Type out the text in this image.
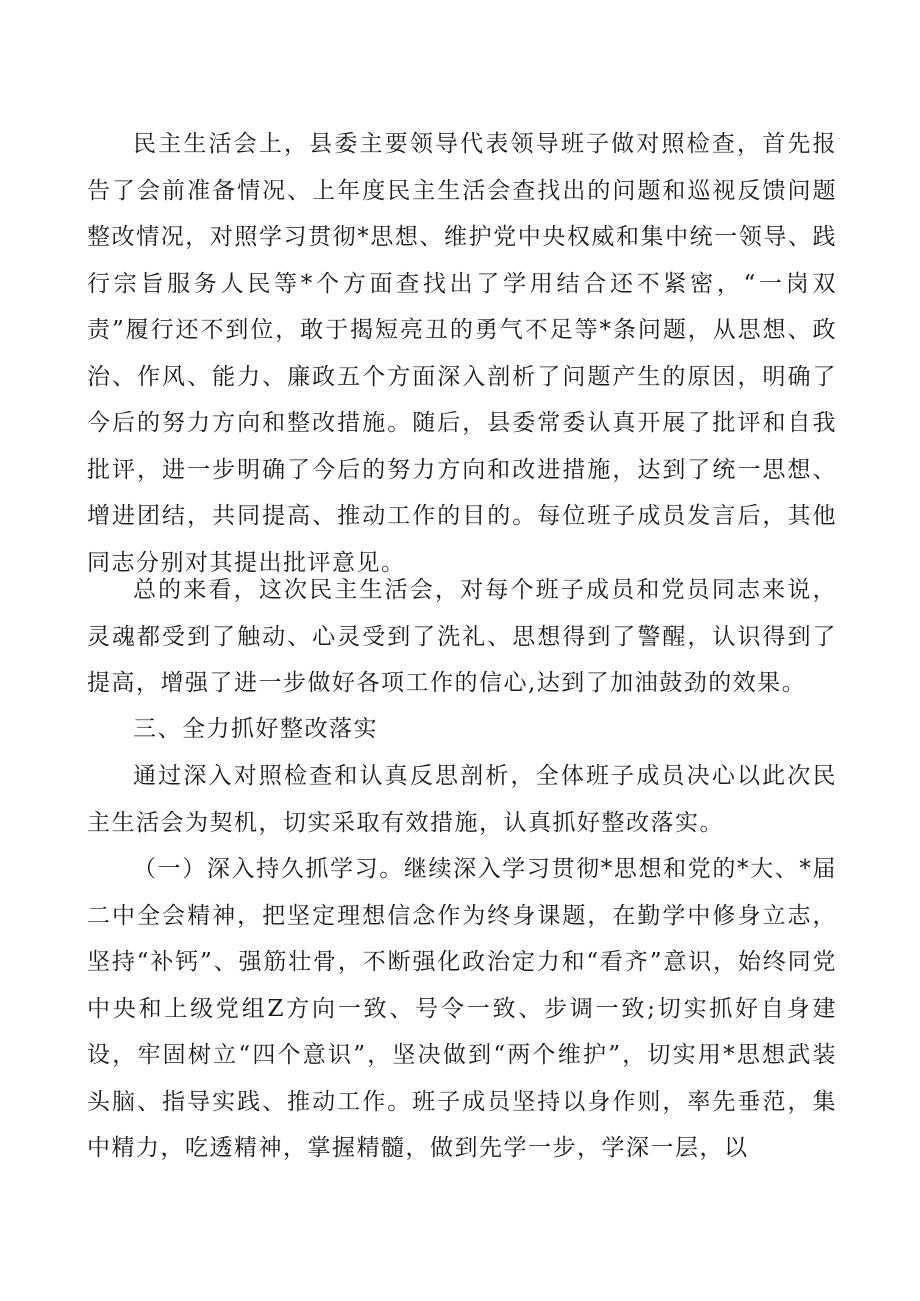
民主生活会上，县委主要领导代表领导班子做对照检查，首先报告了会前准备情况、上年度民主生活会查找出的问题和巡视反馈问题整改情况，对照学习贯彻*思想、维护党中央权威和集中统一领导、践行宗旨服务人民等*个方面查找出了学用结合还不紧密，“一岗双责”履行还不到位，敢于揭短亮丑的勇气不足等*条问题，从思想、政治、作风、能力、廉政五个方面深入剖析了问题产生的原因，明确了今后的努力方向和整改措施。随后，县委常委认真开展了批评和自我批评，进一步明确了今后的努力方向和改进措施，达到了统一思想、增进团结，共同提高、推动工作的目的。每位班子成员发言后，其他同志分别对其提出批评意见。

总的来看，这次民主生活会，对每个班子成员和党员同志来说，灵魂都受到了触动、心灵受到了洗礼、思想得到了警醒，认识得到了提高，增强了进一步做好各项工作的信心,达到了加油鼓劲的效果。

三、全力抓好整改落实

通过深入对照检查和认真反思剖析，全体班子成员决心以此次民主生活会为契机，切实采取有效措施，认真抓好整改落实。

（一）深入持久抓学习。继续深入学习贯彻*思想和党的*大、*届二中全会精神，把坚定理想信念作为终身课题，在勤学中修身立志，坚持“补钙”、强筋壮骨，不断强化政治定力和“看齐”意识，始终同党中央和上级党组Z方向一致、号令一致、步调一致;切实抓好自身建设，牢固树立“四个意识”，坚决做到“两个维护”，切实用*思想武装头脑、指导实践、推动工作。班子成员坚持以身作则，率先垂范，集中精力，吃透精神，掌握精髓，做到先学一步，学深一层，以
